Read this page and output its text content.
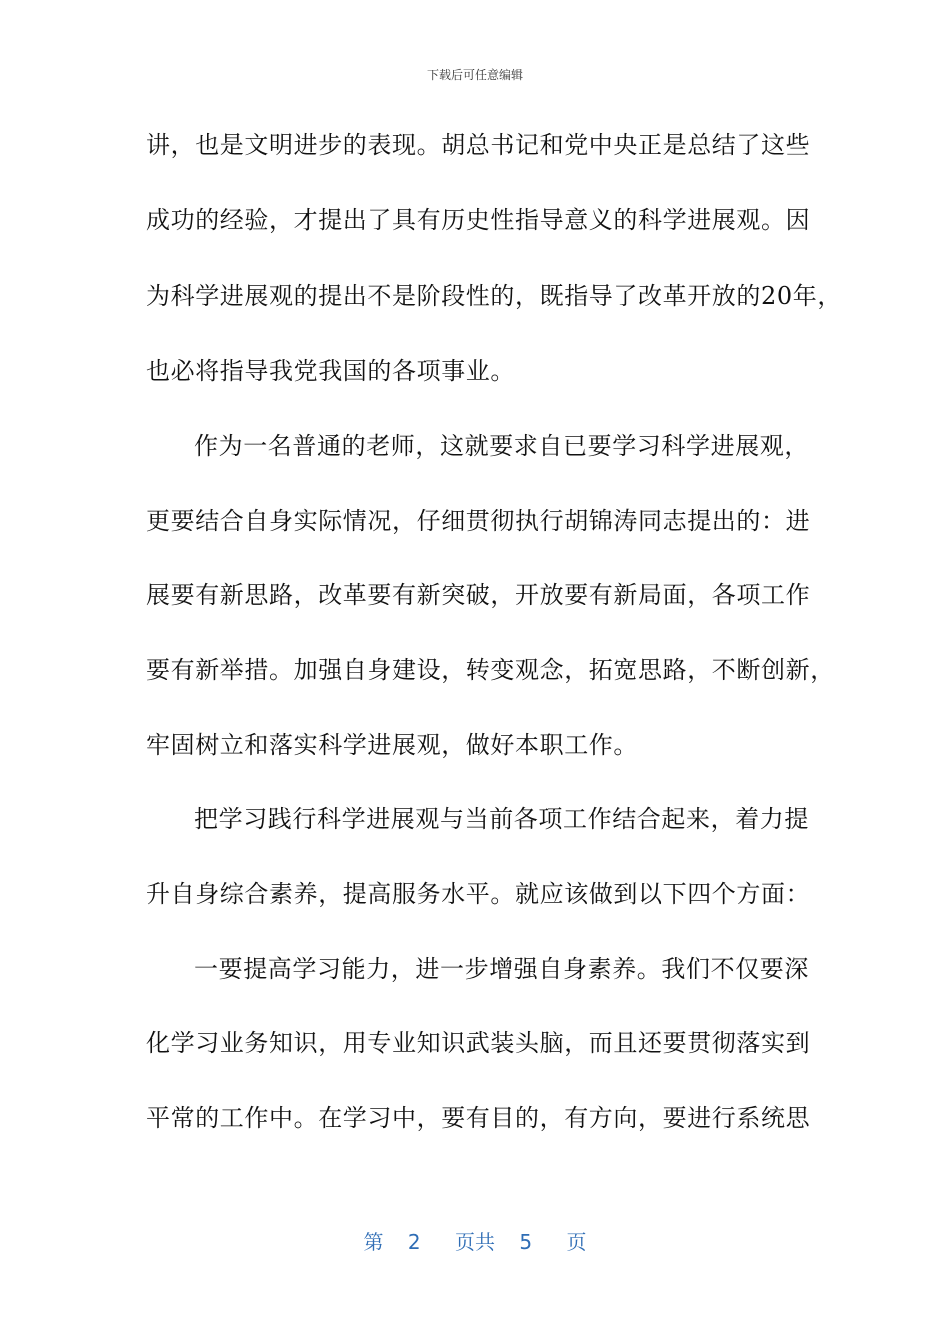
下载后可任意编辑
讲，也是文明进步的表现。胡总书记和党中央正是总结了这些
成功的经验，才提出了具有历史性指导意义的科学进展观。因
为科学进展观的提出不是阶段性的，既指导了改革开放的20年，
也必将指导我党我国的各项事业。
作为一名普通的老师，这就要求自已要学习科学进展观，
更要结合自身实际情况，仔细贯彻执行胡锦涛同志提出的：进
展要有新思路，改革要有新突破，开放要有新局面，各项工作
要有新举措。加强自身建设，转变观念，拓宽思路，不断创新，
牢固树立和落实科学进展观，做好本职工作。
把学习践行科学进展观与当前各项工作结合起来，着力提
升自身综合素养，提高服务水平。就应该做到以下四个方面：
一要提高学习能力，进一步增强自身素养。我们不仅要深
化学习业务知识，用专业知识武装头脑，而且还要贯彻落实到
平常的工作中。在学习中，要有目的，有方向，要进行系统思
第 2 页共 5 页
